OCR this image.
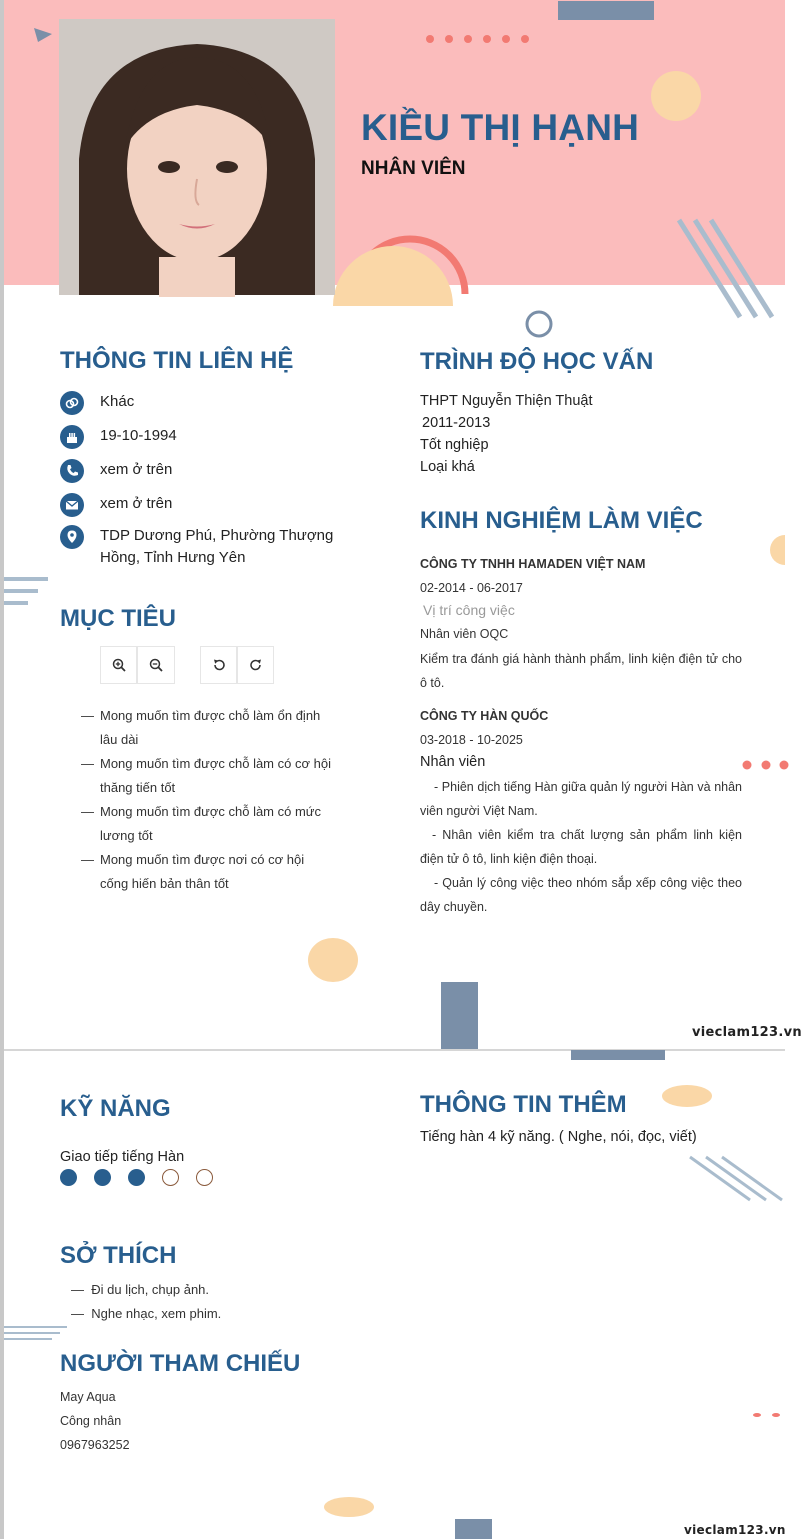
KIỀU THỊ HẠNH
NHÂN VIÊN
THÔNG TIN LIÊN HỆ
Khác
19-10-1994
xem ở trên
xem ở trên
TDP Dương Phú, Phường Thượng Hồng, Tỉnh Hưng Yên
MỤC TIÊU
— Mong muốn tìm được chỗ làm ổn định lâu dài
— Mong muốn tìm được chỗ làm có cơ hội thăng tiến tốt
— Mong muốn tìm được chỗ làm có mức lương tốt
— Mong muốn tìm được nơi có cơ hội cống hiến bản thân tốt
TRÌNH ĐỘ HỌC VẤN
THPT Nguyễn Thiện Thuật
2011-2013
Tốt nghiệp
Loại khá
KINH NGHIỆM LÀM VIỆC
CÔNG TY TNHH HAMADEN VIỆT NAM
02-2014 - 06-2017
Vị trí công việc
Nhân viên OQC
Kiểm tra đánh giá hành thành phẩm, linh kiện điện tử cho ô tô.
CÔNG TY HÀN QUỐC
03-2018 - 10-2025
Nhân viên
- Phiên dịch tiếng Hàn giữa quản lý người Hàn và nhân viên người Việt Nam.
- Nhân viên kiểm tra chất lượng sản phẩm linh kiện điện tử ô tô, linh kiện điện thoại.
- Quản lý công việc theo nhóm sắp xếp công việc theo dây chuyền.
vieclam123.vn
KỸ NĂNG
Giao tiếp tiếng Hàn
THÔNG TIN THÊM
Tiếng hàn 4 kỹ năng. ( Nghe, nói, đọc, viết)
SỞ THÍCH
—  Đi du lịch, chụp ảnh.
—  Nghe nhạc, xem phim.
NGƯỜI THAM CHIẾU
May Aqua
Công nhân
0967963252
vieclam123.vn
